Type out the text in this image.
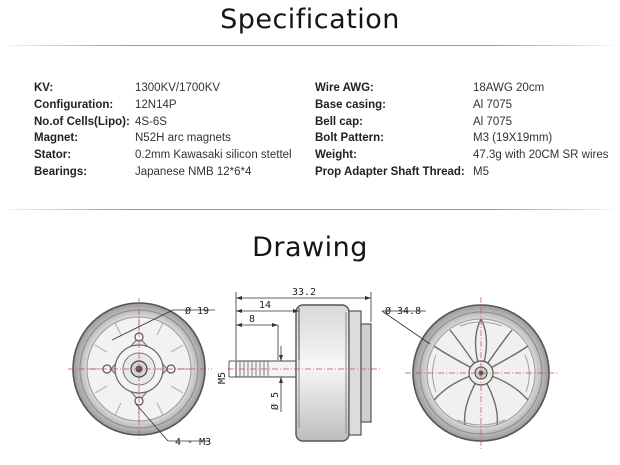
Specification
KV:	1300KV/1700KV
Configuration: 12N14P
No.of Cells(Lipo): 4S-6S
Magnet:	N52H arc magnets
Stator:	0.2mm Kawasaki silicon stettel
Bearings:	Japanese NMB 12*6*4
Wire AWG:	18AWG 20cm
Base casing:	Al 7075
Bell cap:	Al 7075
Bolt Pattern:	M3 (19X19mm)
Weight:	47.3g with 20CM SR wires
Prop Adapter Shaft Thread: M5
Drawing
Ø 19
4 - M3
33.2
14
8
M5
Ø 5
Ø 34.8
